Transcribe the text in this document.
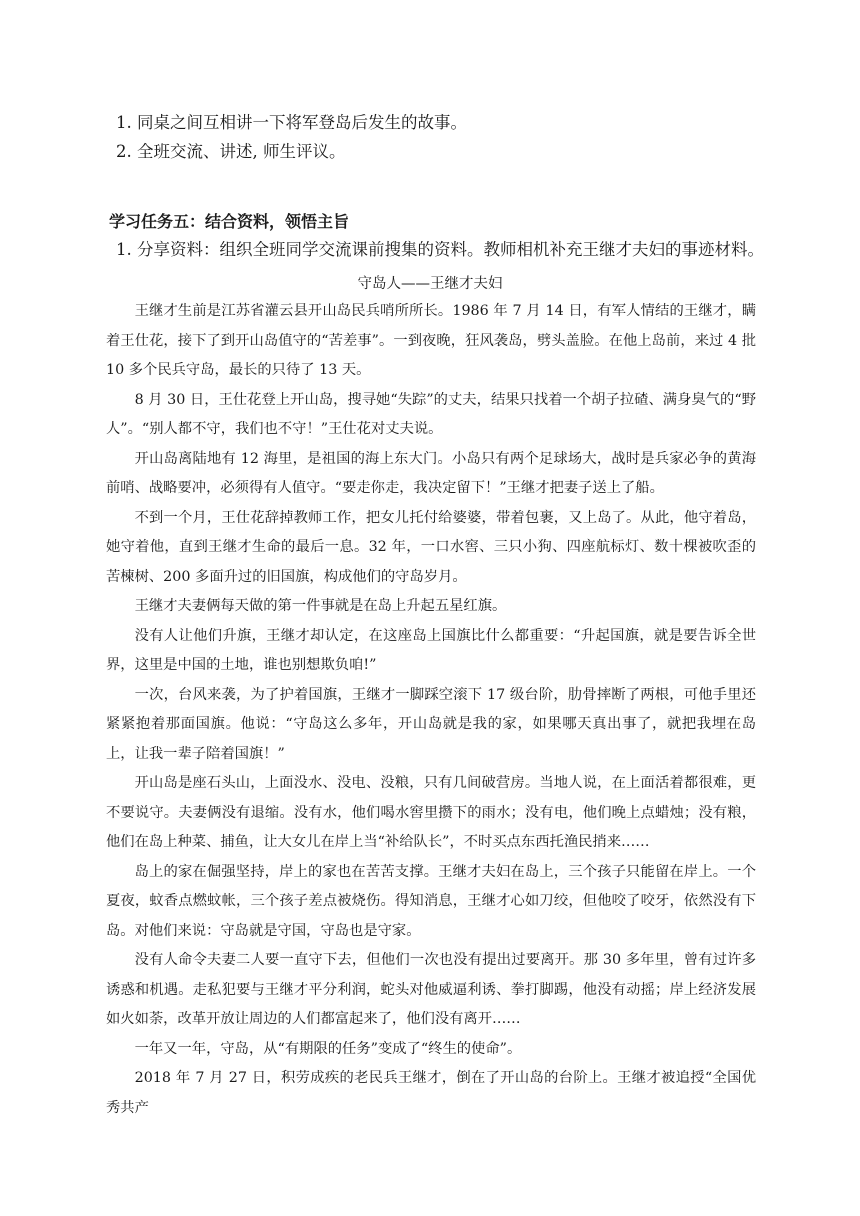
1. 同桌之间互相讲一下将军登岛后发生的故事。
2. 全班交流、讲述, 师生评议。
学习任务五：结合资料，领悟主旨
1. 分享资料：组织全班同学交流课前搜集的资料。教师相机补充王继才夫妇的事迹材料。
守岛人——王继才夫妇

王继才生前是江苏省灌云县开山岛民兵哨所所长。1986 年 7 月 14 日，有军人情结的王继才，瞒着王仕花，接下了到开山岛值守的“苦差事”。一到夜晚，狂风袭岛，劈头盖脸。在他上岛前，来过 4 批 10 多个民兵守岛，最长的只待了 13 天。

8 月 30 日，王仕花登上开山岛，搜寻她“失踪”的丈夫，结果只找着一个胡子拉碴、满身臭气的“野人”。“别人都不守，我们也不守！”王仕花对丈夫说。

开山岛离陆地有 12 海里，是祖国的海上东大门。小岛只有两个足球场大，战时是兵家必争的黄海前哨、战略要冲，必须得有人值守。“要走你走，我决定留下！”王继才把妻子送上了船。

不到一个月，王仕花辞掉教师工作，把女儿托付给婆婆，带着包裹，又上岛了。从此，他守着岛，她守着他，直到王继才生命的最后一息。32 年，一口水窖、三只小狗、四座航标灯、数十棵被吹歪的苦楝树、200 多面升过的旧国旗，构成他们的守岛岁月。

王继才夫妻俩每天做的第一件事就是在岛上升起五星红旗。

没有人让他们升旗，王继才却认定，在这座岛上国旗比什么都重要：“升起国旗，就是要告诉全世界，这里是中国的土地，谁也别想欺负咱!”

一次，台风来袭，为了护着国旗，王继才一脚踩空滚下 17 级台阶，肋骨摔断了两根，可他手里还紧紧抱着那面国旗。他说：“守岛这么多年，开山岛就是我的家，如果哪天真出事了，就把我埋在岛上，让我一辈子陪着国旗！”

开山岛是座石头山，上面没水、没电、没粮，只有几间破营房。当地人说，在上面活着都很难，更不要说守。夫妻俩没有退缩。没有水，他们喝水窖里攒下的雨水；没有电，他们晚上点蜡烛；没有粮，他们在岛上种菜、捕鱼，让大女儿在岸上当“补给队长”，不时买点东西托渔民捎来……

岛上的家在倔强坚持，岸上的家也在苦苦支撑。王继才夫妇在岛上，三个孩子只能留在岸上。一个夏夜，蚊香点燃蚊帐，三个孩子差点被烧伤。得知消息，王继才心如刀绞，但他咬了咬牙，依然没有下岛。对他们来说：守岛就是守国，守岛也是守家。

没有人命令夫妻二人要一直守下去，但他们一次也没有提出过要离开。那 30 多年里，曾有过许多诱惑和机遇。走私犯要与王继才平分利润，蛇头对他威逼利诱、拳打脚踢，他没有动摇；岸上经济发展如火如荼，改革开放让周边的人们都富起来了，他们没有离开……

一年又一年，守岛，从“有期限的任务”变成了“终生的使命”。

2018 年 7 月 27 日，积劳成疾的老民兵王继才，倒在了开山岛的台阶上。王继才被追授“全国优秀共产
